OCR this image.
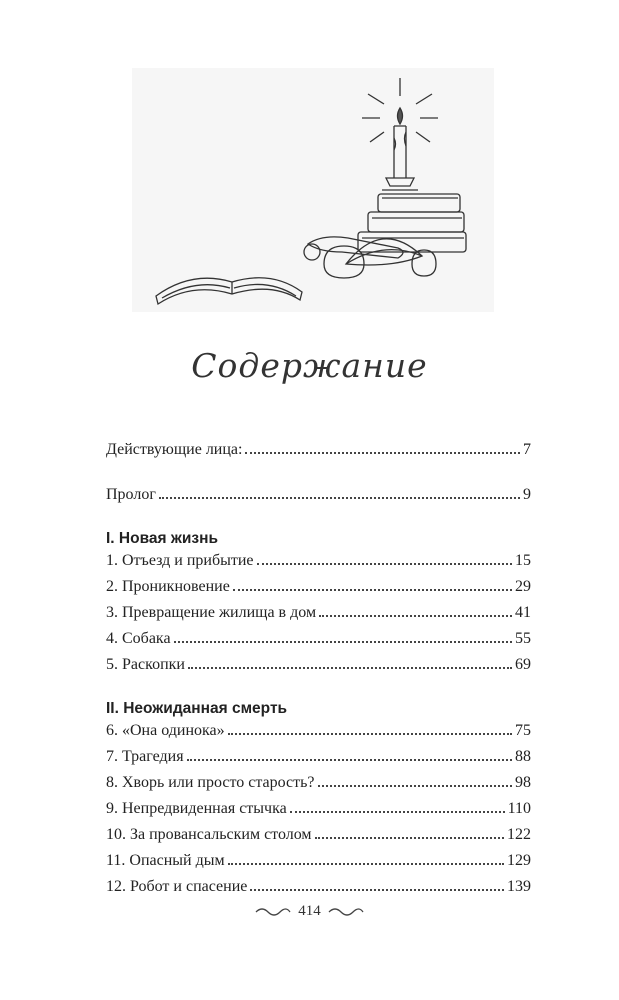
Содержание
Действующие лица:	7
Пролог	9
I. Новая жизнь
1. Отъезд и прибытие	15
2. Проникновение	29
3. Превращение жилища в дом	41
4. Собака	55
5. Раскопки	69
II. Неожиданная смерть
6. «Она одинока»	75
7. Трагедия	88
8. Хворь или просто старость?	98
9. Непредвиденная стычка	110
10. За провансальским столом	122
11. Опасный дым	129
12. Робот и спасение	139
414
